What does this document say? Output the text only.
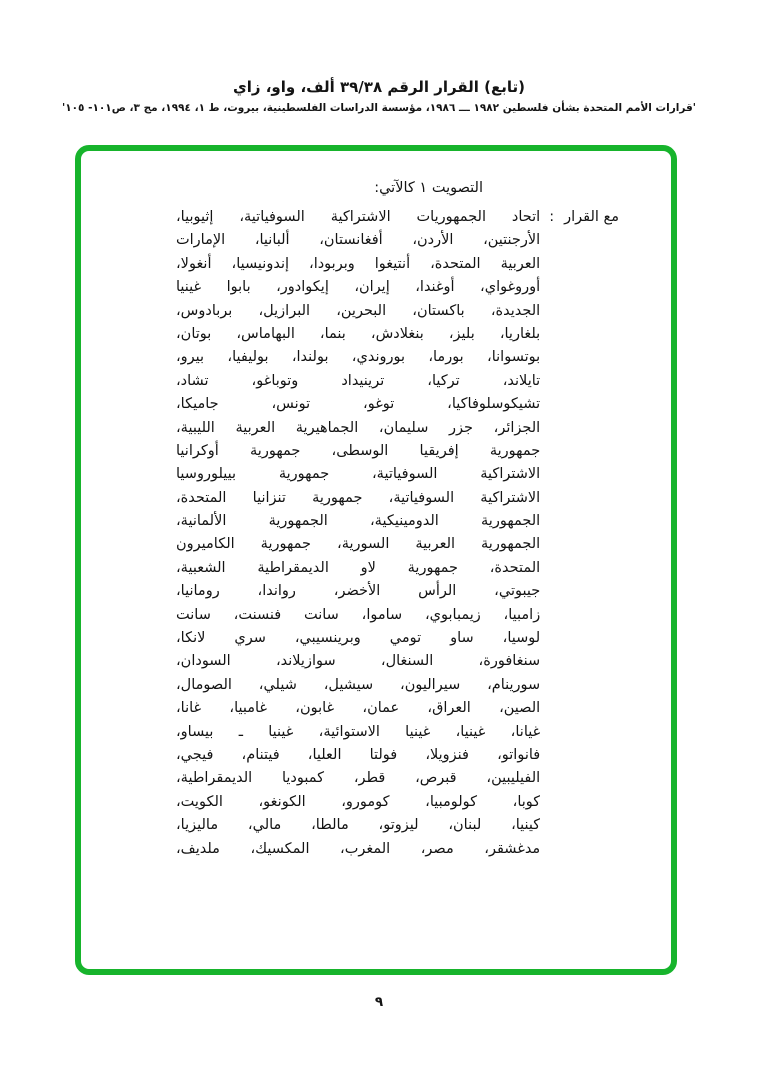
(تابع) القرار الرقم ٣٩/٣٨ ألف، واو، زاي
'قرارات الأمم المتحدة بشأن فلسطين ١٩٨٢ ـــ ١٩٨٦، مؤسسة الدراسات الفلسطينية، بيروت، ط ١، ١٩٩٤، مج ٣، ص١٠١- ١٠٥'
التصويت ١ كالآتي:
مع القرار
:
اتحاد الجمهوريات الاشتراكية السوفياتية، إثيوبيا،
الأرجنتين، الأردن، أفغانستان، ألبانيا، الإمارات
العربية المتحدة، أنتيغوا وبربودا، إندونيسيا، أنغولا،
أوروغواي، أوغندا، إيران، إيكوادور، بابوا غينيا
الجديدة، باكستان، البحرين، البرازيل، بربادوس،
بلغاريا، بليز، بنغلادش، بنما، البهاماس، بوتان،
بوتسوانا، بورما، بوروندي، بولندا، بوليفيا، بيرو،
تايلاند، تركيا، ترينيداد وتوباغو، تشاد،
تشيكوسلوفاكيا، توغو، تونس، جاميكا،
الجزائر، جزر سليمان، الجماهيرية العربية الليبية،
جمهورية إفريقيا الوسطى، جمهورية أوكرانيا
الاشتراكية السوفياتية، جمهورية بييلوروسيا
الاشتراكية السوفياتية، جمهورية تنزانيا المتحدة،
الجمهورية الدومينيكية، الجمهورية الألمانية،
الجمهورية العربية السورية، جمهورية الكاميرون
المتحدة، جمهورية لاو الديمقراطية الشعبية،
جيبوتي، الرأس الأخضر، رواندا، رومانيا،
زامبيا، زيمبابوي، ساموا، سانت فنسنت، سانت
لوسيا، ساو تومي وبرينسيبي، سري لانكا،
سنغافورة، السنغال، سوازيلاند، السودان،
سورينام، سيراليون، سيشيل، شيلي، الصومال،
الصين، العراق، عمان، غابون، غامبيا، غانا،
غيانا، غينيا، غينيا الاستوائية، غينيا ـ بيساو،
فانواتو، فنزويلا، فولتا العليا، فيتنام، فيجي،
الفيليبين، قبرص، قطر، كمبوديا الديمقراطية،
كوبا، كولومبيا، كومورو، الكونغو، الكويت،
كينيا، لبنان، ليزوتو، مالطا، مالي، ماليزيا،
مدغشقر، مصر، المغرب، المكسيك، ملديف،
٩
